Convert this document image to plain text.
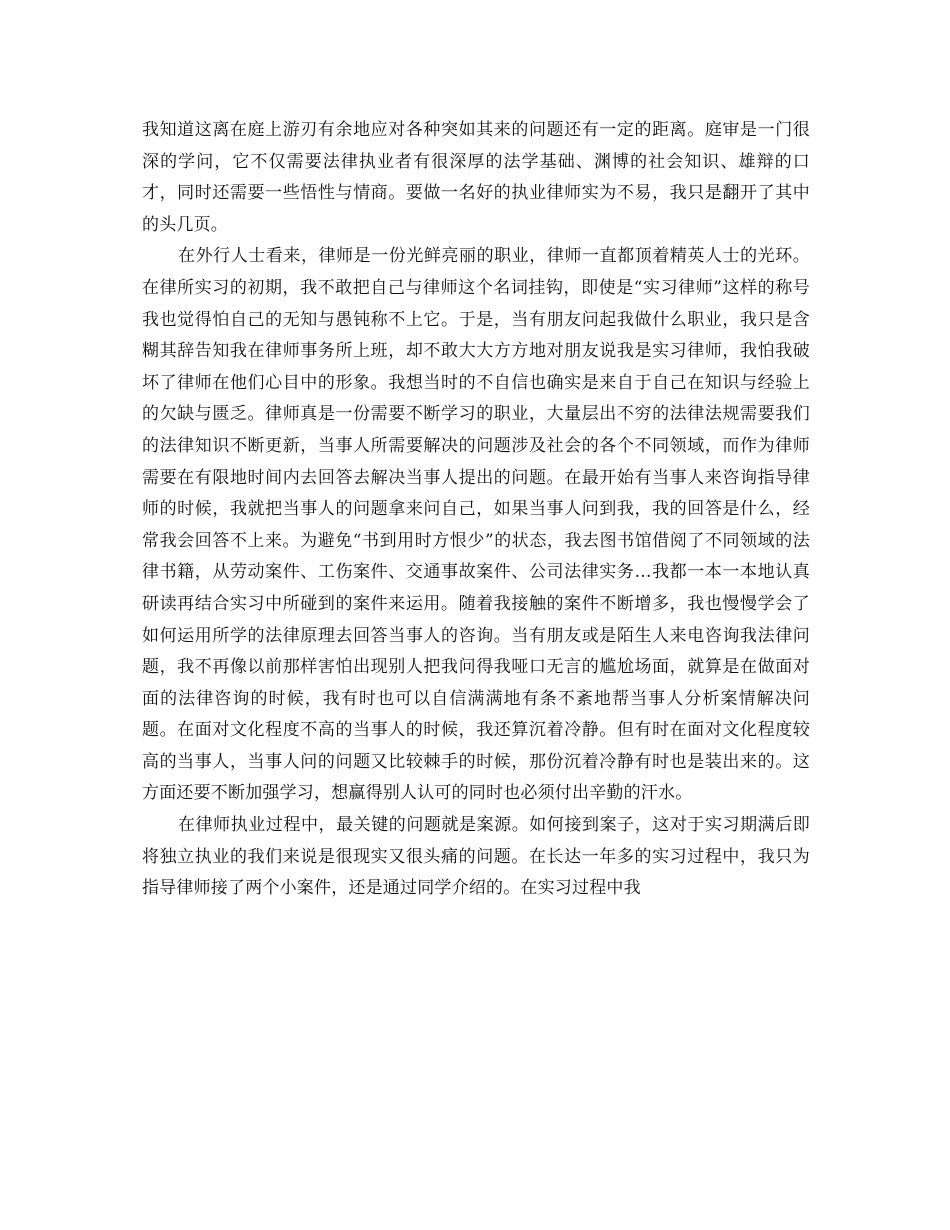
我知道这离在庭上游刃有余地应对各种突如其来的问题还有一定的距离。庭审是一门很深的学问，它不仅需要法律执业者有很深厚的法学基础、渊博的社会知识、雄辩的口才，同时还需要一些悟性与情商。要做一名好的执业律师实为不易，我只是翻开了其中的头几页。

在外行人士看来，律师是一份光鲜亮丽的职业，律师一直都顶着精英人士的光环。在律所实习的初期，我不敢把自己与律师这个名词挂钩，即使是“实习律师”这样的称号我也觉得怕自己的无知与愚钝称不上它。于是，当有朋友问起我做什么职业，我只是含糊其辞告知我在律师事务所上班，却不敢大大方方地对朋友说我是实习律师，我怕我破坏了律师在他们心目中的形象。我想当时的不自信也确实是来自于自己在知识与经验上的欠缺与匮乏。律师真是一份需要不断学习的职业，大量层出不穷的法律法规需要我们的法律知识不断更新，当事人所需要解决的问题涉及社会的各个不同领域，而作为律师需要在有限地时间内去回答去解决当事人提出的问题。在最开始有当事人来咨询指导律师的时候，我就把当事人的问题拿来问自己，如果当事人问到我，我的回答是什么，经常我会回答不上来。为避免“书到用时方恨少”的状态，我去图书馆借阅了不同领域的法律书籍，从劳动案件、工伤案件、交通事故案件、公司法律实务…我都一本一本地认真研读再结合实习中所碰到的案件来运用。随着我接触的案件不断增多，我也慢慢学会了如何运用所学的法律原理去回答当事人的咨询。当有朋友或是陌生人来电咨询我法律问题，我不再像以前那样害怕出现别人把我问得我哑口无言的尴尬场面，就算是在做面对面的法律咨询的时候，我有时也可以自信满满地有条不紊地帮当事人分析案情解决问题。在面对文化程度不高的当事人的时候，我还算沉着冷静。但有时在面对文化程度较高的当事人，当事人问的问题又比较棘手的时候，那份沉着冷静有时也是装出来的。这方面还要不断加强学习，想赢得别人认可的同时也必须付出辛勤的汗水。

在律师执业过程中，最关键的问题就是案源。如何接到案子，这对于实习期满后即将独立执业的我们来说是很现实又很头痛的问题。在长达一年多的实习过程中，我只为指导律师接了两个小案件，还是通过同学介绍的。在实习过程中我
